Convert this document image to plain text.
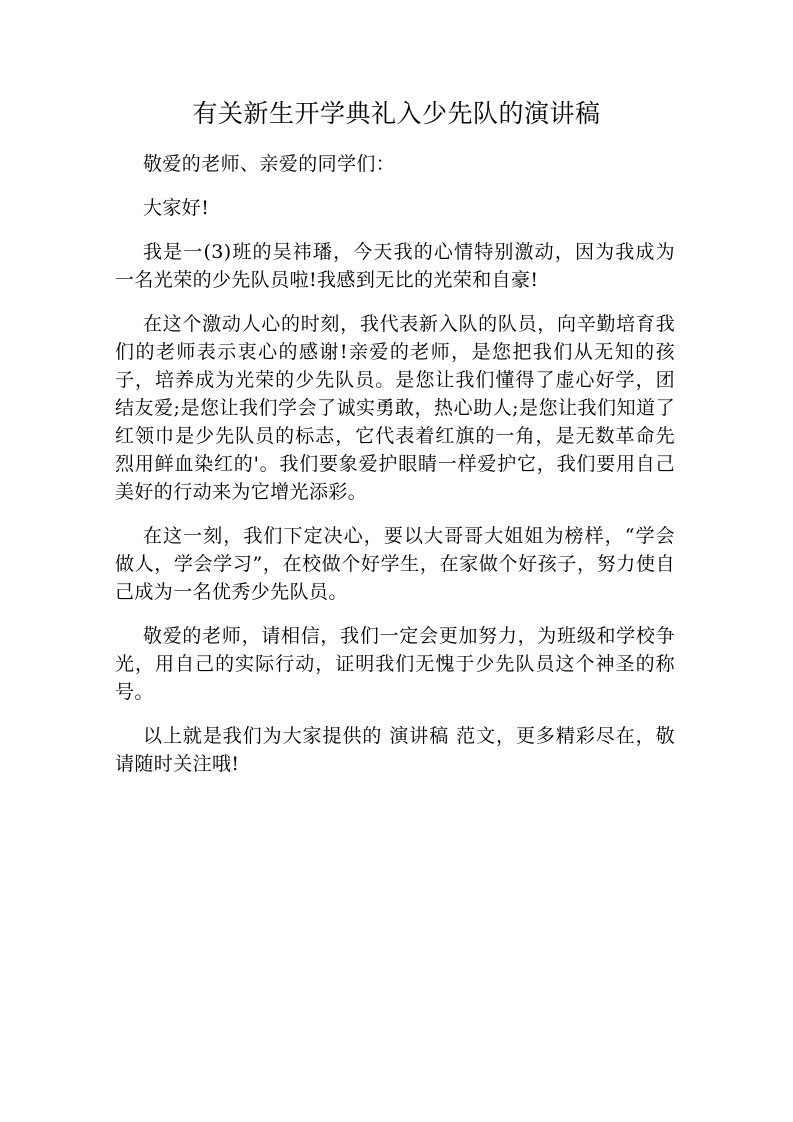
有关新生开学典礼入少先队的演讲稿

敬爱的老师、亲爱的同学们：

大家好!

我是一(3)班的吴祎璠，今天我的心情特别激动，因为我成为一名光荣的少先队员啦!我感到无比的光荣和自豪!

在这个激动人心的时刻，我代表新入队的队员，向辛勤培育我们的老师表示衷心的感谢!亲爱的老师，是您把我们从无知的孩子，培养成为光荣的少先队员。是您让我们懂得了虚心好学，团结友爱;是您让我们学会了诚实勇敢，热心助人;是您让我们知道了红领巾是少先队员的标志，它代表着红旗的一角，是无数革命先烈用鲜血染红的'。我们要象爱护眼睛一样爱护它，我们要用自己美好的行动来为它增光添彩。

在这一刻，我们下定决心，要以大哥哥大姐姐为榜样，“学会做人，学会学习”，在校做个好学生，在家做个好孩子，努力使自己成为一名优秀少先队员。

敬爱的老师，请相信，我们一定会更加努力，为班级和学校争光，用自己的实际行动，证明我们无愧于少先队员这个神圣的称号。

以上就是我们为大家提供的 演讲稿 范文，更多精彩尽在，敬请随时关注哦!
